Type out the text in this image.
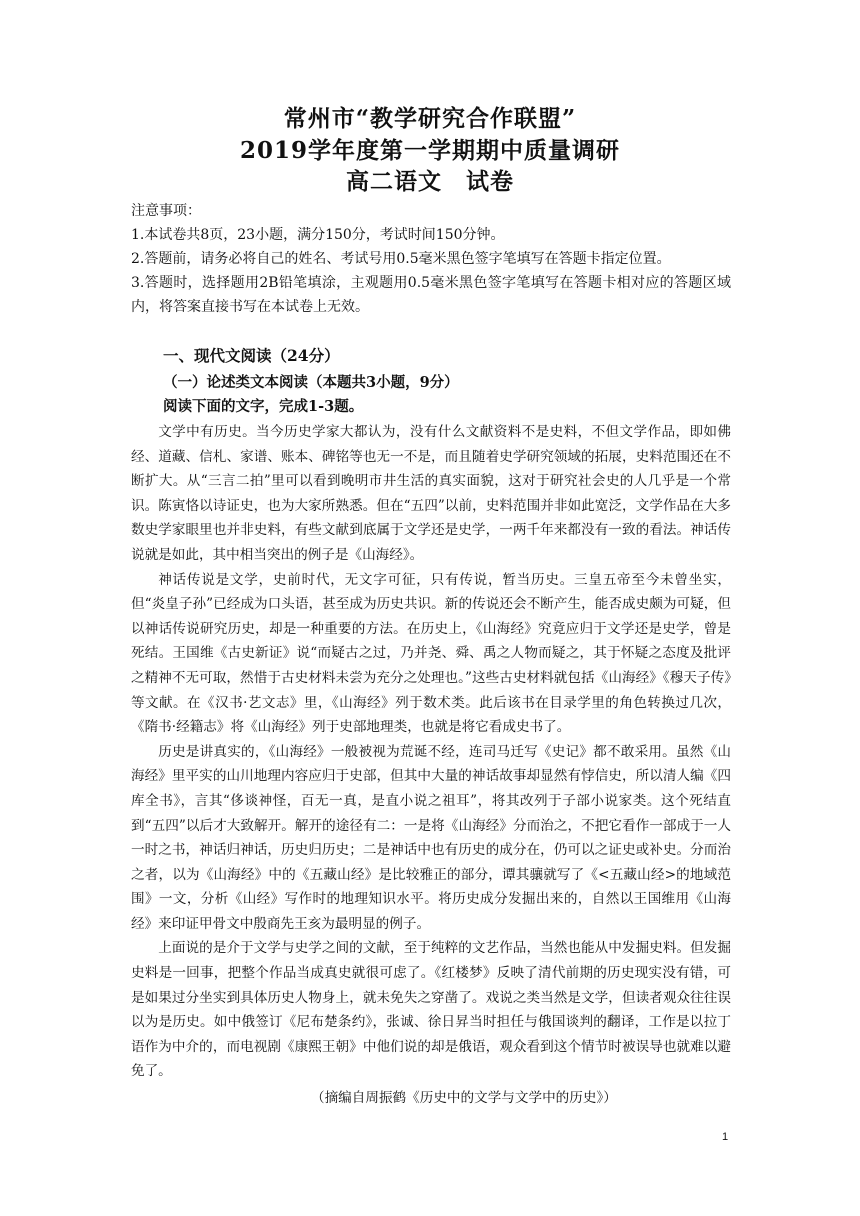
常州市“教学研究合作联盟”
2019学年度第一学期期中质量调研
高二语文　试卷

注意事项：

1.本试卷共8页，23小题，满分150分，考试时间150分钟。

2.答题前，请务必将自己的姓名、考试号用0.5毫米黑色签字笔填写在答题卡指定位置。

3.答题时，选择题用2B铅笔填涂，主观题用0.5毫米黑色签字笔填写在答题卡相对应的答题区域内，将答案直接书写在本试卷上无效。

一、现代文阅读（24分）
（一）论述类文本阅读（本题共3小题，9分）
阅读下面的文字，完成1-3题。

文学中有历史。当今历史学家大都认为，没有什么文献资料不是史料，不但文学作品，即如佛经、道藏、信札、家谱、账本、碑铭等也无一不是，而且随着史学研究领域的拓展，史料范围还在不断扩大。从“三言二拍”里可以看到晚明市井生活的真实面貌，这对于研究社会史的人几乎是一个常识。陈寅恪以诗证史，也为大家所熟悉。但在“五四”以前，史料范围并非如此宽泛，文学作品在大多数史学家眼里也并非史料，有些文献到底属于文学还是史学，一两千年来都没有一致的看法。神话传说就是如此，其中相当突出的例子是《山海经》。

神话传说是文学，史前时代，无文字可征，只有传说，暂当历史。三皇五帝至今未曾坐实，但“炎皇子孙”已经成为口头语，甚至成为历史共识。新的传说还会不断产生，能否成史颇为可疑，但以神话传说研究历史，却是一种重要的方法。在历史上，《山海经》究竟应归于文学还是史学，曾是死结。王国维《古史新证》说“而疑古之过，乃并尧、舜、禹之人物而疑之，其于怀疑之态度及批评之精神不无可取，然惜于古史材料未尝为充分之处理也。”这些古史材料就包括《山海经》《穆天子传》等文献。在《汉书·艺文志》里，《山海经》列于数术类。此后该书在目录学里的角色转换过几次，《隋书·经籍志》将《山海经》列于史部地理类，也就是将它看成史书了。

历史是讲真实的，《山海经》一般被视为荒诞不经，连司马迁写《史记》都不敢采用。虽然《山海经》里平实的山川地理内容应归于史部，但其中大量的神话故事却显然有悖信史，所以清人编《四库全书》，言其“侈谈神怪，百无一真，是直小说之祖耳”，将其改列于子部小说家类。这个死结直到“五四”以后才大致解开。解开的途径有二：一是将《山海经》分而治之，不把它看作一部成于一人一时之书，神话归神话，历史归历史；二是神话中也有历史的成分在，仍可以之证史或补史。分而治之者，以为《山海经》中的《五藏山经》是比较雅正的部分，谭其骧就写了《<五藏山经>的地域范围》一文，分析《山经》写作时的地理知识水平。将历史成分发掘出来的，自然以王国维用《山海经》来印证甲骨文中殷商先王亥为最明显的例子。

上面说的是介于文学与史学之间的文献，至于纯粹的文艺作品，当然也能从中发掘史料。但发掘史料是一回事，把整个作品当成真史就很可虑了。《红楼梦》反映了清代前期的历史现实没有错，可是如果过分坐实到具体历史人物身上，就未免失之穿凿了。戏说之类当然是文学，但读者观众往往误以为是历史。如中俄签订《尼布楚条约》，张诚、徐日昇当时担任与俄国谈判的翻译，工作是以拉丁语作为中介的，而电视剧《康熙王朝》中他们说的却是俄语，观众看到这个情节时被误导也就难以避免了。

（摘编自周振鹤《历史中的文学与文学中的历史》）
1
